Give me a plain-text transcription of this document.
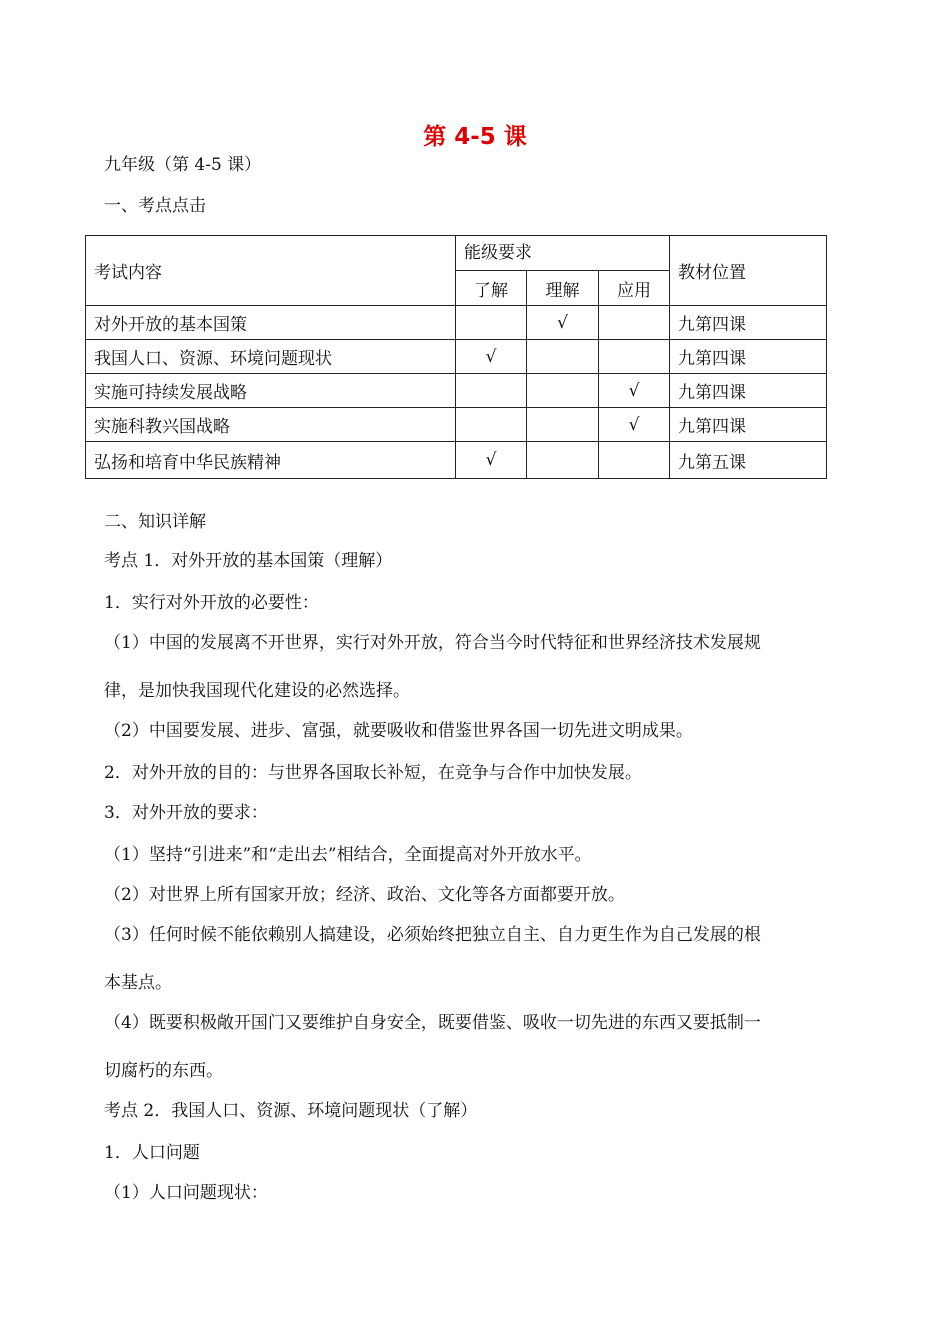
第 4-5 课
九年级（第 4-5 课）
一、考点点击
考试内容	能级要求			教材位置
	了解	理解	应用	
对外开放的基本国策		√		九第四课
我国人口、资源、环境问题现状	√			九第四课
实施可持续发展战略			√	九第四课
实施科教兴国战略			√	九第四课
弘扬和培育中华民族精神	√			九第五课
二、知识详解
考点 1．对外开放的基本国策（理解）
1．实行对外开放的必要性：
（1）中国的发展离不开世界，实行对外开放，符合当今时代特征和世界经济技术发展规
律，是加快我国现代化建设的必然选择。
（2）中国要发展、进步、富强，就要吸收和借鉴世界各国一切先进文明成果。
2．对外开放的目的：与世界各国取长补短，在竞争与合作中加快发展。
3．对外开放的要求：
（1）坚持“引进来”和“走出去”相结合，全面提高对外开放水平。
（2）对世界上所有国家开放；经济、政治、文化等各方面都要开放。
（3）任何时候不能依赖别人搞建设，必须始终把独立自主、自力更生作为自己发展的根
本基点。
（4）既要积极敞开国门又要维护自身安全，既要借鉴、吸收一切先进的东西又要抵制一
切腐朽的东西。
考点 2．我国人口、资源、环境问题现状（了解）
1．人口问题
（1）人口问题现状：
